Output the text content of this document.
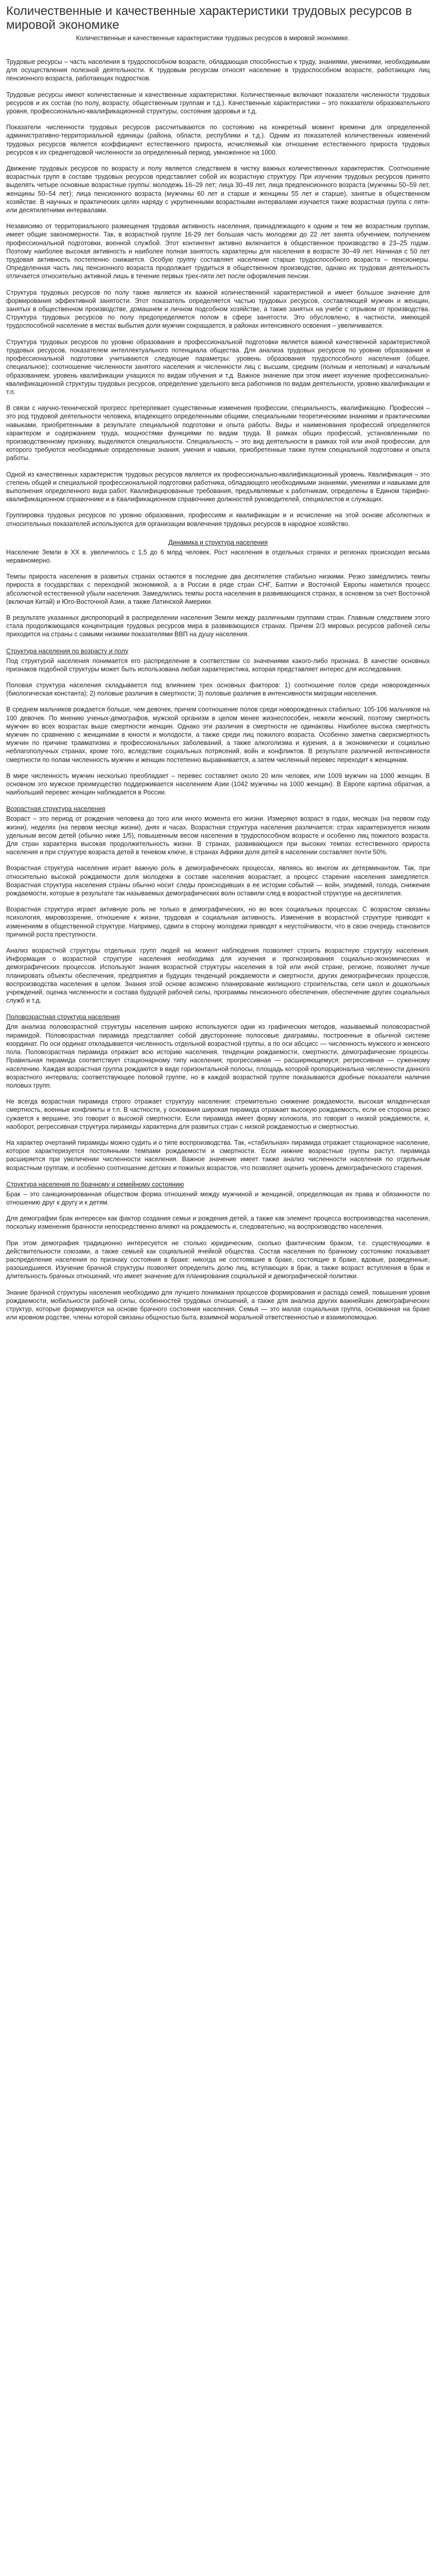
Количественные и качественные характеристики трудовых ресурсов в мировой экономике
Количественные и качественные характеристики трудовых ресурсов в мировой экономике.

Трудовые ресурсы – часть населения в трудоспособном возрасте, обладающая способностью к труду, знаниями, умениями, необходимыми для осуществления полезной деятельности. К трудовым ресурсам относят население в трудоспособном возрасте, работающих лиц пенсионного возраста, работающих подростков.

Трудовые ресурсы имеют количественные и качественные характеристики. Количественные включают показатели численности трудовых ресурсов и их состав (по полу, возрасту, общественным группам и т.д.). Качественные характеристики – это показатели образовательного уровня, профессионально-квалификационной структуры, состояния здоровья и т.д.

Показатели численности трудовых ресурсов рассчитываются по состоянию на конкретный момент времени для определенной административно-территориальной единицы (района, области, республики и т.д.). Одним из показателей количественных изменений трудовых ресурсов является коэффициент естественного прироста, исчисляемый как отношение естественного прироста трудовых ресурсов к их среднегодовой численности за определенный период, умноженное на 1000.

Движение трудовых ресурсов по возрасту и полу является следствием в чистку важных количественных характеристик. Соотношение возрастных групп в составе трудовых ресурсов представляет собой их возрастную структуру. При изучении трудовых ресурсов принято выделять четыре основные возрастные группы: молодежь 16–29 лет; лица 30–49 лет, лица предпенсионного возраста (мужчины 50–59 лет, женщины 50–54 лет); лица пенсионного возраста (мужчины 60 лет и старше и женщины 55 лет и старше), занятые в общественном хозяйстве. В научных и практических целях наряду с укрупненными возрастными интервалами изучается также возрастная группа с пяти- или десятилетними интервалами.

Независимо от территориального размещения трудовая активность населения, принадлежащего к одним и тем же возрастным группам, имеет общие закономерности. Так, в возрастной группе 16-29 лет большая часть молодежи до 22 лет занята обучением, получением профессиональной подготовки, военной службой. Этот контингент активно включается в общественное производство в 23–25 годам. Поэтому наиболее высокая активность и наиболее полная занятость характерны для населения в возрасте 30–49 лет. Начиная с 50 лет трудовая активность постепенно снижается. Особую группу составляет население старше трудоспособного возраста – пенсионеры. Определенная часть лиц пенсионного возраста продолжает трудиться в общественном производстве, однако их трудовая деятельность отличается относительно активной лишь в течение первых трех-пяти лет после оформления пенсии.

Структура трудовых ресурсов по полу также является их важной количественной характеристикой и имеет большое значение для формирования эффективной занятости. Этот показатель определяется частью трудовых ресурсов, составляющей мужчин и женщин, занятых в общественном производстве, домашнем и личном подсобном хозяйстве, а также занятых на учебе с отрывом от производства. Структура трудовых ресурсов по полу предопределяется полом в сфере занятости. Это обусловлено, в частности, имеющей трудоспособной население в местах выбытия доли мужчин сокращается, в районах интенсивного освоения – увеличивается.

Структура трудовых ресурсов по уровню образования и профессиональной подготовки является важной качественной характеристикой трудовых ресурсов, показателем интеллектуального потенциала общества. Для анализа трудовых ресурсов по уровню образования и профессиональной подготовки учитываются следующие параметры: уровень образования трудоспособного населения (общее, специальное); соотношение численности занятого населения и численности лиц с высшим, средним (полным и неполным) и начальным образованием; уровень квалификации учащихся по видам обучения и т.д. Важное значение при этом имеет изучение профессионально-квалификационной структуры трудовых ресурсов, определение удельного веса работников по видам деятельности, уровню квалификации и т.п.

В связи с научно-технической прогресс претерпевает существенные изменения профессии, специальность, квалификацию. Профессия – это род трудовой деятельности человека, владеющего определенными общими, специальными теоретическими знаниями и практическими навыками, приобретенными в результате специальной подготовки и опыта работы. Виды и наименования профессий определяются характером и содержанием труда, мощностями функциями по видам труда. В рамках общих профессий, установленными по производственному признаку, выделяются специальности. Специальность – это вид деятельности в рамках той или иной профессии, для которого требуются необходимые определенные знания, умения и навыки, приобретенные также путем специальной подготовки и опыта работы.

Одной из качественных характеристик трудовых ресурсов является их профессионально-квалификационный уровень. Квалификация – это степень общей и специальной профессиональной подготовки работника, обладающего необходимыми знаниями, умениями и навыками для выполнения определенного вида работ. Квалифицированные требования, предъявляемые к работникам, определены в Едином тарифно-квалификационном справочнике и в Квалификационном справочнике должностей руководителей, специалистов и служащих.

Группировка трудовых ресурсов по уровню образования, профессиям и квалификации и и исчисление на этой основе абсолютных и относительных показателей используются для организации вовлечения трудовых ресурсов в народное хозяйство.

Динамика и структура населения

Население Земли в XX в. увеличилось с 1,5 до 6 млрд человек. Рост населения в отдельных странах и регионах происходил весьма неравномерно.

Темпы прироста населения в развитых странах остаются в последние два десятилетия стабильно низкими. Резко замедлились темпы прироста в государствах с переходной экономикой, а в России в ряде стран СНГ, Балтии и Восточной Европы наметился процесс абсолютной естественной убыли населения. Замедлились темпы роста населения в развивающихся странах, в основном за счет Восточной (включая Китай) и Юго-Восточной Азии, а также Латинской Америки.

В результате указанных диспропорций в распределении населения Земли между различными группами стран. Главным следствием этого стала продолжающаяся концентрация трудовых ресурсов мира в развивающихся странах. Причем 2/3 мировых ресурсов рабочей силы приходится на страны с самыми низкими показателями ВВП на душу населения.

Структура населения по возрасту и полу

Под структурой населения понимается его распределение в соответствии со значениями какого-либо признака. В качестве основных признаков подобной структуры может быть использована любая характеристика, которая представляет интерес для исследования.

Половая структура населения складывается под влиянием трех основных факторов: 1) соотношение полов среди новорожденных (биологическая константа); 2) половые различия в смертности; 3) половые различия в интенсивности миграции населения.

В среднем мальчиков рождается больше, чем девочек, причем соотношение полов среди новорожденных стабильно: 105-106 мальчиков на 100 девочек. По мнению ученых-демографов, мужской организм в целом менее жизнеспособен, нежели женский, поэтому смертность мужчин во всех возрастах выше смертности женщин. Однако эти различия в смертности не одинаковы. Наиболее высока смертность мужчин по сравнению с женщинами в юности и молодости, а также среди лиц пожилого возраста. Особенно заметна сверхсмертность мужчин по причине травматизма и профессиональных заболеваний, а также алкоголизма и курения, а в экономически и социально неблагополучных странах, кроме того, вследствие социальных потрясений, войн и конфликтов. В результате различной интенсивности смертности по полам численность мужчин и женщин постепенно выравнивается, а затем численный перевес переходит к женщинам.

В мире численность мужчин несколько преобладает – перевес составляет около 20 млн человек, или 1009 мужчин на 1000 женщин. В основном это мужское преимущество поддерживается населением Азии (1042 мужчины на 1000 женщин). В Европе картина обратная, а наибольший перевес женщин наблюдается в России.

Возрастная структура населения

Возраст – это период от рождения человека до того или иного момента его жизни. Измеряют возраст в годах, месяцах (на первом году жизни), неделях (на первом месяце жизни), днях и часах. Возрастная структура населения различается: страх характеризуется низким удельным весом детей (обычно ниже 1/5), повышенным весом населения в трудоспособном возрасте и особенно лиц пожилого возраста. Для стран характерна высокая продолжительность жизни. В странах, развивающихся при высоких темпах естественного прироста населения и при структуре возраста детей в теневом ключе, в странах Африки доля детей в населении составляет почти 50%.

Возрастная структура населения играет важную роль в демографических процессах, являясь во многом их детерминантом. Так, при относительно высокой рождаемости доля молодежи в составе населения возрастает, а процесс старения населения замедляется. Возрастная структура населения страны обычно носит следы происходивших в ее истории событий — войн, эпидемий, голода, снижения рождаемости, которые в результате так называемых демографических волн оставили след в возрастной структуре на десятилетия.

Возрастная структура играет активную роль не только в демографических, но во всех социальных процессах. С возрастом связаны психология, мировоззрение, отношение к жизни, трудовая и социальная активность. Изменения в возрастной структуре приводят к изменениям в общественной структуре. Например, сдвиги в сторону молодежи приводят к неустойчивости, что в свою очередь становится причиной роста преступности.

Анализ возрастной структуры отдельных групп людей на момент наблюдения позволяет строить возрастную структуру населения. Информация о возрастной структуре населения необходима для изучения и прогнозирования социально-экономических и демографических процессов. Используют знания возрастной структуры населения в той или иной стране, регионе, позволяет лучше планировать объекты обеспечения, предприятия и будущих тенденций рождаемости и смертности, других демографических процессов, воспроизводства населения в целом. Знания этой основе возможно планирование жилищного строительства, сети школ и дошкольных учреждений, оценка численности и состава будущей рабочей силы, программы пенсионного обеспечения, обеспечение других социальных служб и т.д.

Половозрастная структура населения

Для анализа половозрастной структуры населения широко используются одни из графических методов, называемый половозрастной пирамидой. Половозрастная пирамида представляет собой двусторонние полосовые диаграммы, построенные в обычной системе координат. По оси ординат откладывается численность отдельной возрастной группы, а по оси абсцисс — численность мужского и женского пола. Половозрастная пирамида отражает всю историю населения, тенденции рождаемости, смертности, демографические процессы. Правильная пирамида соответствует стационарному типу населения; прогрессивная — расширяющемуся; регрессивная — суженному населению. Каждая возрастная группа рождаются в виде горизонтальной полосы, площадь которой пропорциональна численности данного возрастного интервала; соответствующее половой группе, но в каждой возрастной группе показываются дробные показатели наличия половых групп.

Не всегда возрастная пирамида строго отражает структуру населения: стремительно снижение рождаемости, высокая младенческая смертность, военные конфликты и т.п. В частности, у основания широкая пирамида отражает высокую рождаемость, если ее сторона резко сужается к вершине, это говорит о высокой смертности. Если пирамида имеет форму колокола, это говорит о низкой рождаемости, и, наоборот, регрессивная структура пирамиды характерна для развитых стран с низкой рождаемостью и смертностью.

На характер очертаний пирамиды можно судить и о типе воспроизводства. Так, «стабильная» пирамида отражает стационарное население, которое характеризуется постоянными темпами рождаемости и смертности. Если нижние возрастные группы растут, пирамида расширяется при увеличении численности населения. Важное значение имеет также анализ численности населения по отдельным возрастным группам, и особенно соотношение детских и пожилых возрастов, что позволяет оценить уровень демографического старения.

Структура населения по брачному и семейному состоянию

Брак – это санкционированная обществом форма отношений между мужчиной и женщиной, определяющая их права и обязанности по отношению друг к другу и к детям.

Для демографии брак интересен как фактор создания семьи и рождения детей, а также как элемент процесса воспроизводства населения, поскольку изменения брачности непосредственно влияют на рождаемость и, следовательно, на воспроизводство населения.

При этом демография традиционно интересуется не столько юридическим, сколько фактическим браком, т.е. существующими в действительности союзами, а также семьей как социальной ячейкой общества. Состав населения по брачному состоянию показывает распределение населения по признаку состояния в браке: никогда не состоявшие в браке, состоящие в браке, вдовые, разведенные, разошедшиеся. Изучение брачной структуры позволяет определить долю лиц, вступающих в брак, а также возраст вступления в брак и длительность брачных отношений, что имеет значение для планирования социальной и демографической политики.

Знание брачной структуры населения необходимо для лучшего понимания процессов формирования и распада семей, повышения уровня рождаемости, мобильности рабочей силы, особенностей трудовых отношений, а также для анализа других важнейших демографических структур, которые формируются на основе брачного состояния населения. Семья — это малая социальная группа, основанная на браке или кровном родстве, члены которой связаны общностью быта, взаимной моральной ответственностью и взаимопомощью.
